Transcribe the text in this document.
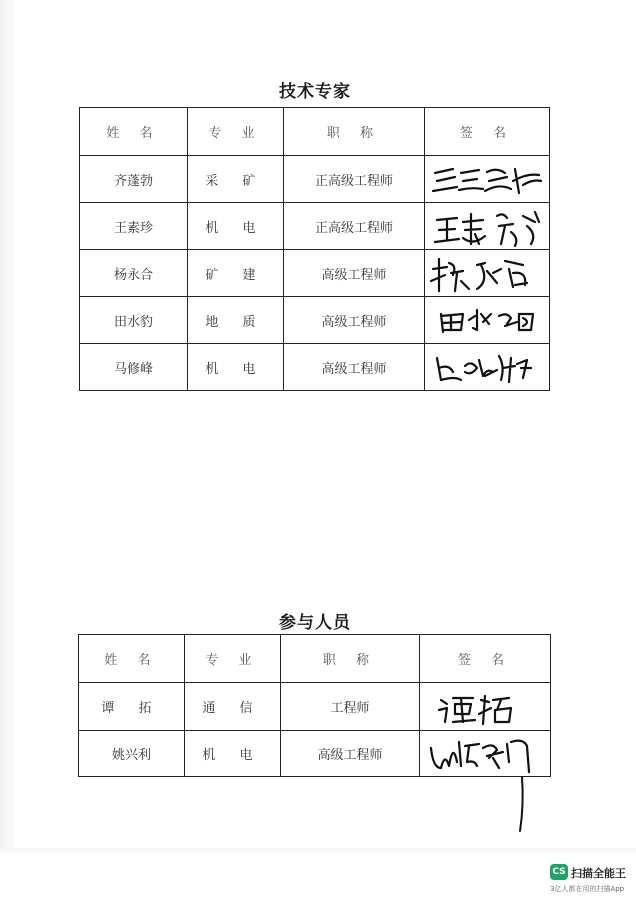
技术专家
姓 名	专 业	职 称	签 名
齐蓬勃	采 矿	正高级工程师	

王素珍	机 电	正高级工程师	

杨永合	矿 建	高级工程师	

田水豹	地 质	高级工程师	

马修峰	机 电	高级工程师	
参与人员
姓 名	专 业	职 称	签 名
谭 拓	通 信	工程师	

姚兴利	机 电	高级工程师	
CS 扫描全能王
3亿人都在用的扫描App
